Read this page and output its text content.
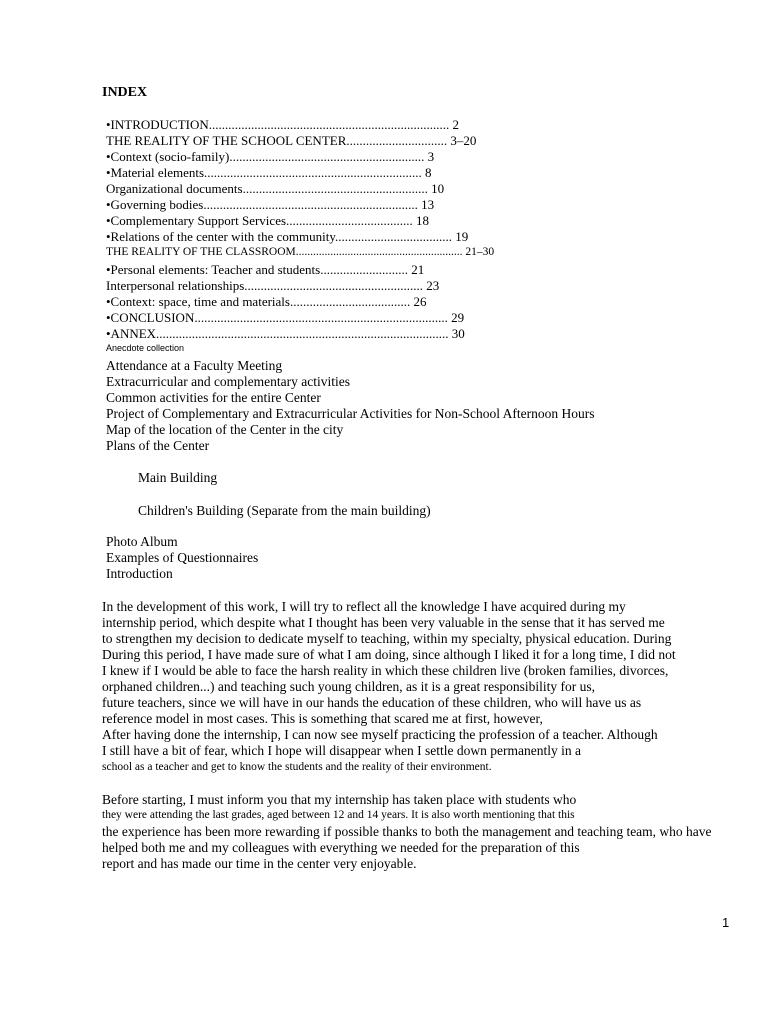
INDEX
•INTRODUCTION.......................................................................... 2
THE REALITY OF THE SCHOOL CENTER............................... 3–20
•Context (socio-family)............................................................ 3
•Material elements................................................................... 8
Organizational documents......................................................... 10
•Governing bodies.................................................................. 13
•Complementary Support Services....................................... 18
•Relations of the center with the community.................................... 19
THE REALITY OF THE CLASSROOM.......................................................... 21–30
•Personal elements: Teacher and students........................... 21
Interpersonal relationships....................................................... 23
•Context: space, time and materials..................................... 26
•CONCLUSION.............................................................................. 29
•ANNEX.......................................................................................... 30
Anecdote collection
Attendance at a Faculty Meeting
Extracurricular and complementary activities
Common activities for the entire Center
Project of Complementary and Extracurricular Activities for Non-School Afternoon Hours
Map of the location of the Center in the city
Plans of the Center
Main Building
Children's Building (Separate from the main building)
Photo Album
Examples of Questionnaires
Introduction
In the development of this work, I will try to reflect all the knowledge I have acquired during my
internship period, which despite what I thought has been very valuable in the sense that it has served me
to strengthen my decision to dedicate myself to teaching, within my specialty, physical education. During
During this period, I have made sure of what I am doing, since although I liked it for a long time, I did not
I knew if I would be able to face the harsh reality in which these children live (broken families, divorces,
orphaned children...) and teaching such young children, as it is a great responsibility for us,
future teachers, since we will have in our hands the education of these children, who will have us as
reference model in most cases. This is something that scared me at first, however,
After having done the internship, I can now see myself practicing the profession of a teacher. Although
I still have a bit of fear, which I hope will disappear when I settle down permanently in a
school as a teacher and get to know the students and the reality of their environment.
Before starting, I must inform you that my internship has taken place with students who
they were attending the last grades, aged between 12 and 14 years. It is also worth mentioning that this
the experience has been more rewarding if possible thanks to both the management and teaching team, who have
helped both me and my colleagues with everything we needed for the preparation of this
report and has made our time in the center very enjoyable.
1
